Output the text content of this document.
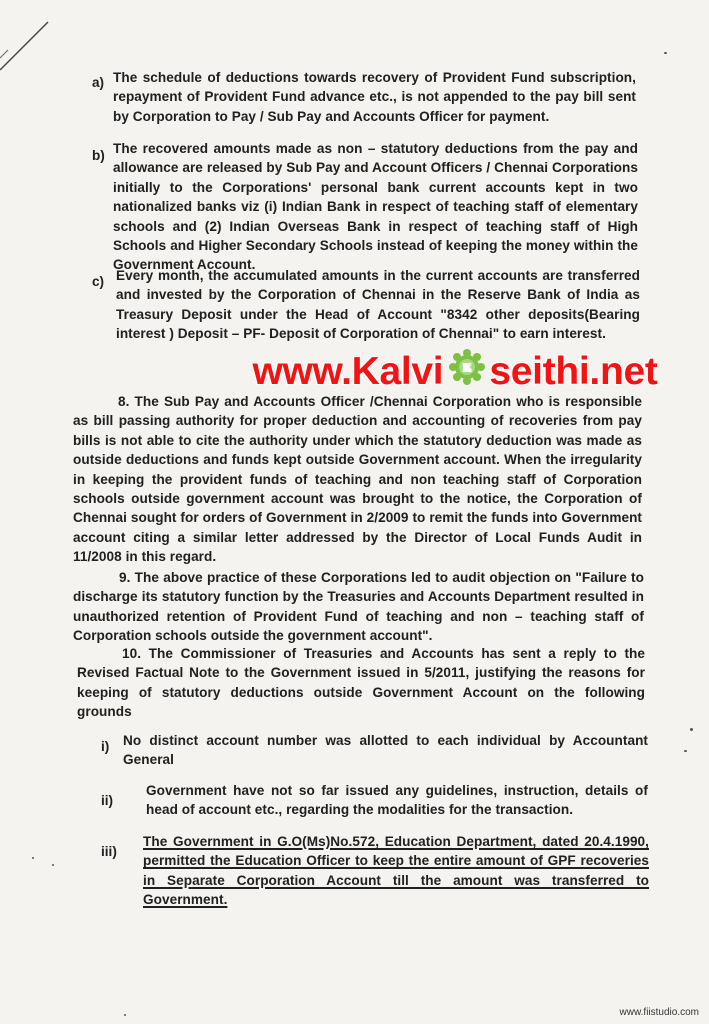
a) The schedule of deductions towards recovery of Provident Fund subscription, repayment of Provident Fund advance etc., is not appended to the pay bill sent by Corporation to Pay / Sub Pay and Accounts Officer for payment.

b) The recovered amounts made as non – statutory deductions from the pay and allowance are released by Sub Pay and Account Officers / Chennai Corporations initially to the Corporations' personal bank current accounts kept in two nationalized banks viz (i) Indian Bank in respect of teaching staff of elementary schools and (2) Indian Overseas Bank in respect of teaching staff of High Schools and Higher Secondary Schools instead of keeping the money within the Government Account.

c) Every month, the accumulated amounts in the current accounts are transferred and invested by the Corporation of Chennai in the Reserve Bank of India as Treasury Deposit under the Head of Account "8342 other deposits(Bearing interest ) Deposit – PF- Deposit of Corporation of Chennai" to earn interest.

www.Kalvi K seithi.net

8. The Sub Pay and Accounts Officer /Chennai Corporation who is responsible as bill passing authority for proper deduction and accounting of recoveries from pay bills is not able to cite the authority under which the statutory deduction was made as outside deductions and funds kept outside Government account. When the irregularity in keeping the provident funds of teaching and non teaching staff of Corporation schools outside government account was brought to the notice, the Corporation of Chennai sought for orders of Government in 2/2009 to remit the funds into Government account citing a similar letter addressed by the Director of Local Funds Audit in 11/2008 in this regard.

9. The above practice of these Corporations led to audit objection on "Failure to discharge its statutory function by the Treasuries and Accounts Department resulted in unauthorized retention of Provident Fund of teaching and non – teaching staff of Corporation schools outside the government account".

10. The Commissioner of Treasuries and Accounts has sent a reply to the Revised Factual Note to the Government issued in 5/2011, justifying the reasons for keeping of statutory deductions outside Government Account on the following grounds

i) No distinct account number was allotted to each individual by Accountant General

ii)

Government have not so far issued any guidelines, instruction, details of head of account etc., regarding the modalities for the transaction.

iii)

The Government in G.O(Ms)No.572, Education Department, dated 20.4.1990, permitted the Education Officer to keep the entire amount of GPF recoveries in Separate Corporation Account till the amount was transferred to Government.

www.fiistudio.com
